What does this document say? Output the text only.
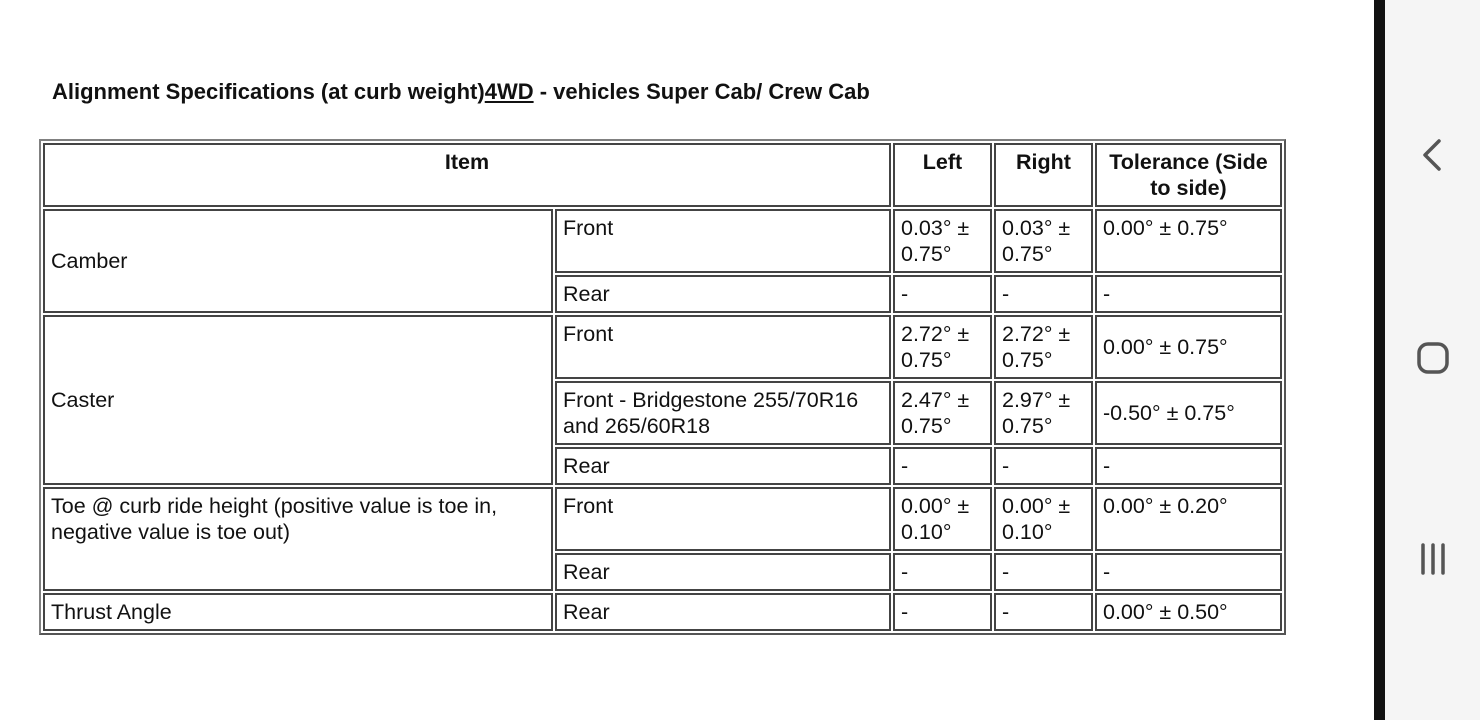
Alignment Specifications (at curb weight)4WD - vehicles Super Cab/ Crew Cab
Item		Left	Right	Tolerance (Side to side)
Camber	Front	0.03° ± 0.75°	0.03° ± 0.75°	0.00° ± 0.75°
	Rear	-	-	-
Caster	Front	2.72° ± 0.75°	2.72° ± 0.75°	0.00° ± 0.75°
	Front - Bridgestone 255/70R16 and 265/60R18	2.47° ± 0.75°	2.97° ± 0.75°	-0.50° ± 0.75°
	Rear	-	-	-
Toe @ curb ride height (positive value is toe in, negative value is toe out)	Front	0.00° ± 0.10°	0.00° ± 0.10°	0.00° ± 0.20°
	Rear	-	-	-
Thrust Angle	Rear	-	-	0.00° ± 0.50°
